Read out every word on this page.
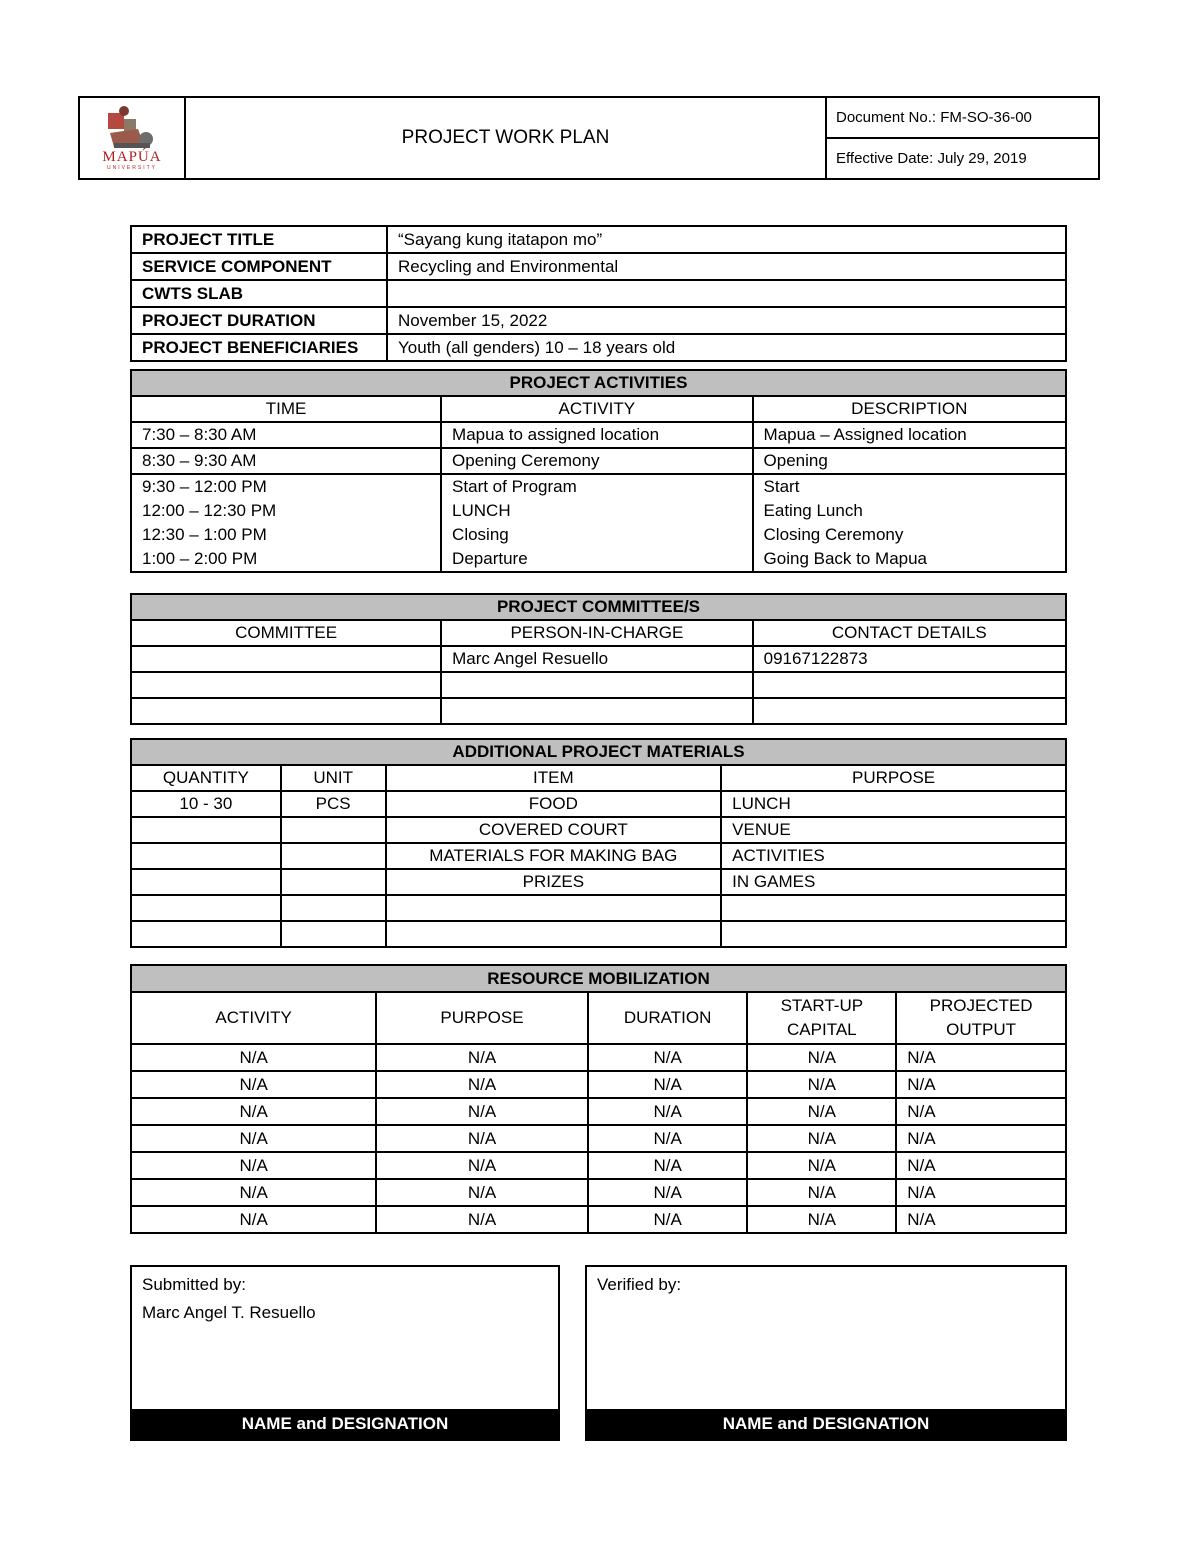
MAPÚA
UNIVERSITY
	PROJECT WORK PLAN	Document No.: FM-SO-36-00
Effective Date: July 29, 2019
PROJECT TITLE	“Sayang kung itatapon mo”
SERVICE COMPONENT	Recycling and Environmental
CWTS SLAB	
PROJECT DURATION	November 15, 2022
PROJECT BENEFICIARIES	Youth (all genders) 10 – 18 years old
PROJECT ACTIVITIES		
TIME	ACTIVITY	DESCRIPTION
7:30 – 8:30 AM	Mapua to assigned location	Mapua – Assigned location
8:30 – 9:30 AM	Opening Ceremony	Opening
9:30 – 12:00 PM	Start of Program	Start
12:00 – 12:30 PM	LUNCH	Eating Lunch
12:30 – 1:00 PM	Closing	Closing Ceremony
1:00 – 2:00 PM	Departure	Going Back to Mapua
PROJECT COMMITTEE/S		
COMMITTEE	PERSON-IN-CHARGE	CONTACT DETAILS
	Marc Angel Resuello	09167122873

ADDITIONAL PROJECT MATERIALS			
QUANTITY	UNIT	ITEM	PURPOSE
10 - 30	PCS	FOOD	LUNCH
		COVERED COURT	VENUE
		MATERIALS FOR MAKING BAG	ACTIVITIES
		PRIZES	IN GAMES

RESOURCE MOBILIZATION				
ACTIVITY	PURPOSE	DURATION	START-UP CAPITAL	PROJECTED OUTPUT
N/A	N/A	N/A	N/A	N/A
N/A	N/A	N/A	N/A	N/A
N/A	N/A	N/A	N/A	N/A
N/A	N/A	N/A	N/A	N/A
N/A	N/A	N/A	N/A	N/A
N/A	N/A	N/A	N/A	N/A
N/A	N/A	N/A	N/A	N/A
Submitted by:
Marc Angel T. Resuello
NAME and DESIGNATION
Verified by:
NAME and DESIGNATION
